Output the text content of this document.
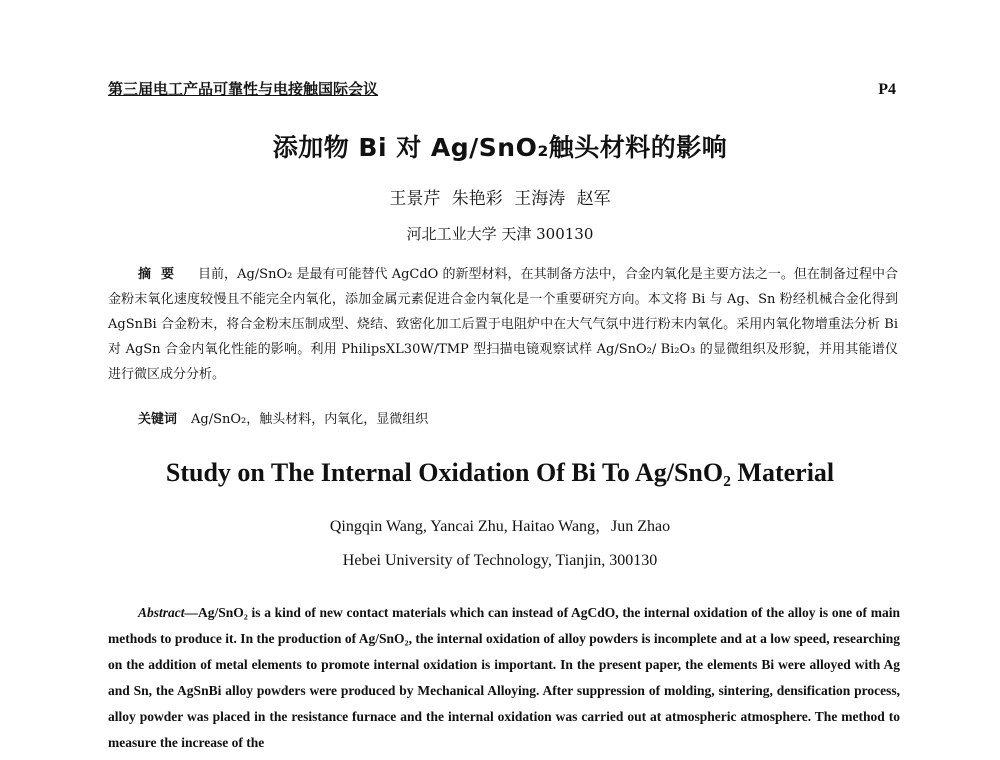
第三届电工产品可靠性与电接触国际会议	P4
添加物 Bi 对 Ag/SnO₂触头材料的影响
王景芹 朱艳彩 王海涛 赵军
河北工业大学 天津 300130
摘要 目前，Ag/SnO₂ 是最有可能替代 AgCdO 的新型材料，在其制备方法中，合金内氧化是主要方法之一。但在制备过程中合金粉末氧化速度较慢且不能完全内氧化，添加金属元素促进合金内氧化是一个重要研究方向。本文将 Bi 与 Ag、Sn 粉经机械合金化得到 AgSnBi 合金粉末，将合金粉末压制成型、烧结、致密化加工后置于电阻炉中在大气气氛中进行粉末内氧化。采用内氧化物增重法分析 Bi 对 AgSn 合金内氧化性能的影响。利用 PhilipsXL30W/TMP 型扫描电镜观察试样 Ag/SnO₂/ Bi₂O₃ 的显微组织及形貌，并用其能谱仪进行微区成分分析。
关键词 Ag/SnO₂，触头材料，内氧化，显微组织
Study on The Internal Oxidation Of Bi To Ag/SnO₂ Material
Qingqin Wang, Yancai Zhu, Haitao Wang，Jun Zhao
Hebei University of Technology, Tianjin, 300130
Abstract—Ag/SnO₂ is a kind of new contact materials which can instead of AgCdO, the internal oxidation of the alloy is one of main methods to produce it. In the production of Ag/SnO₂, the internal oxidation of alloy powders is incomplete and at a low speed, researching on the addition of metal elements to promote internal oxidation is important. In the present paper, the elements Bi were alloyed with Ag and Sn, the AgSnBi alloy powders were produced by Mechanical Alloying. After suppression of molding, sintering, densification process, alloy powder was placed in the resistance furnace and the internal oxidation was carried out at atmospheric atmosphere. The method to measure the increase of the
